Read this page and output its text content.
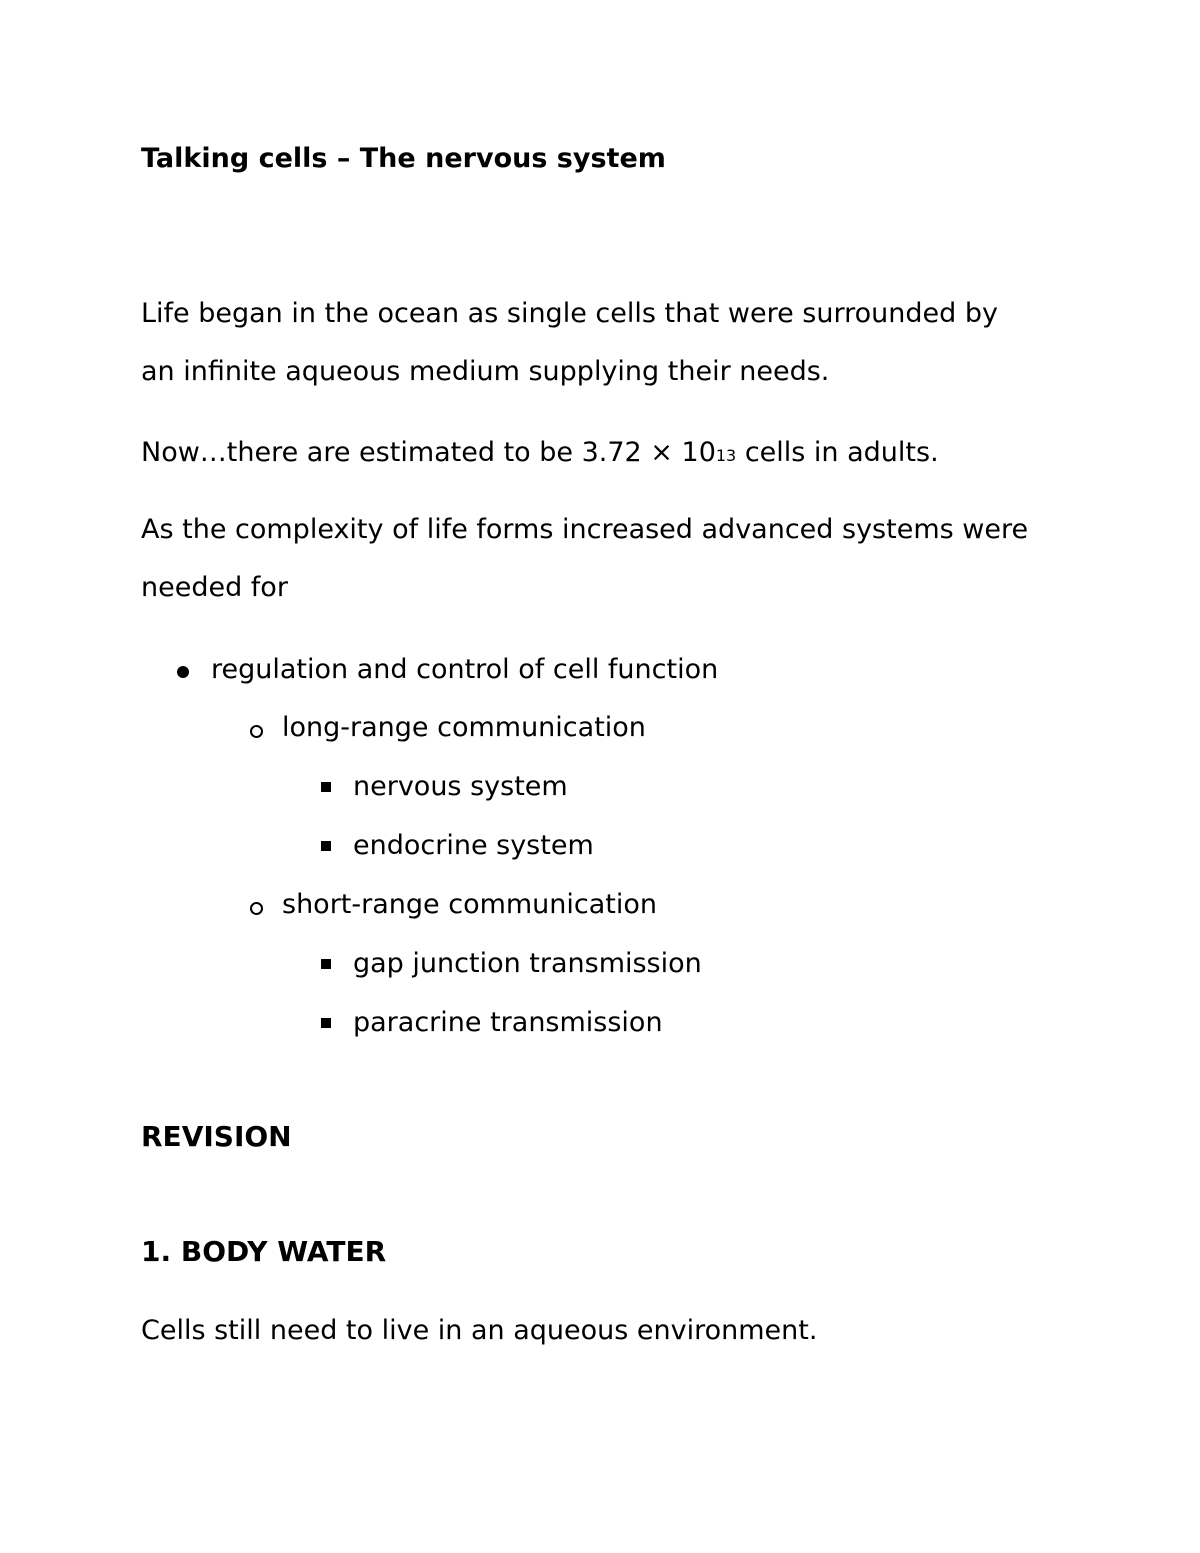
Talking cells – The nervous system
Life began in the ocean as single cells that were surrounded by
an infinite aqueous medium supplying their needs.
Now…there are estimated to be 3.72 × 1013 cells in adults.
As the complexity of life forms increased advanced systems were
needed for
regulation and control of cell function
long-range communication
nervous system
endocrine system
short-range communication
gap junction transmission
paracrine transmission
REVISION
1. BODY WATER
Cells still need to live in an aqueous environment.
